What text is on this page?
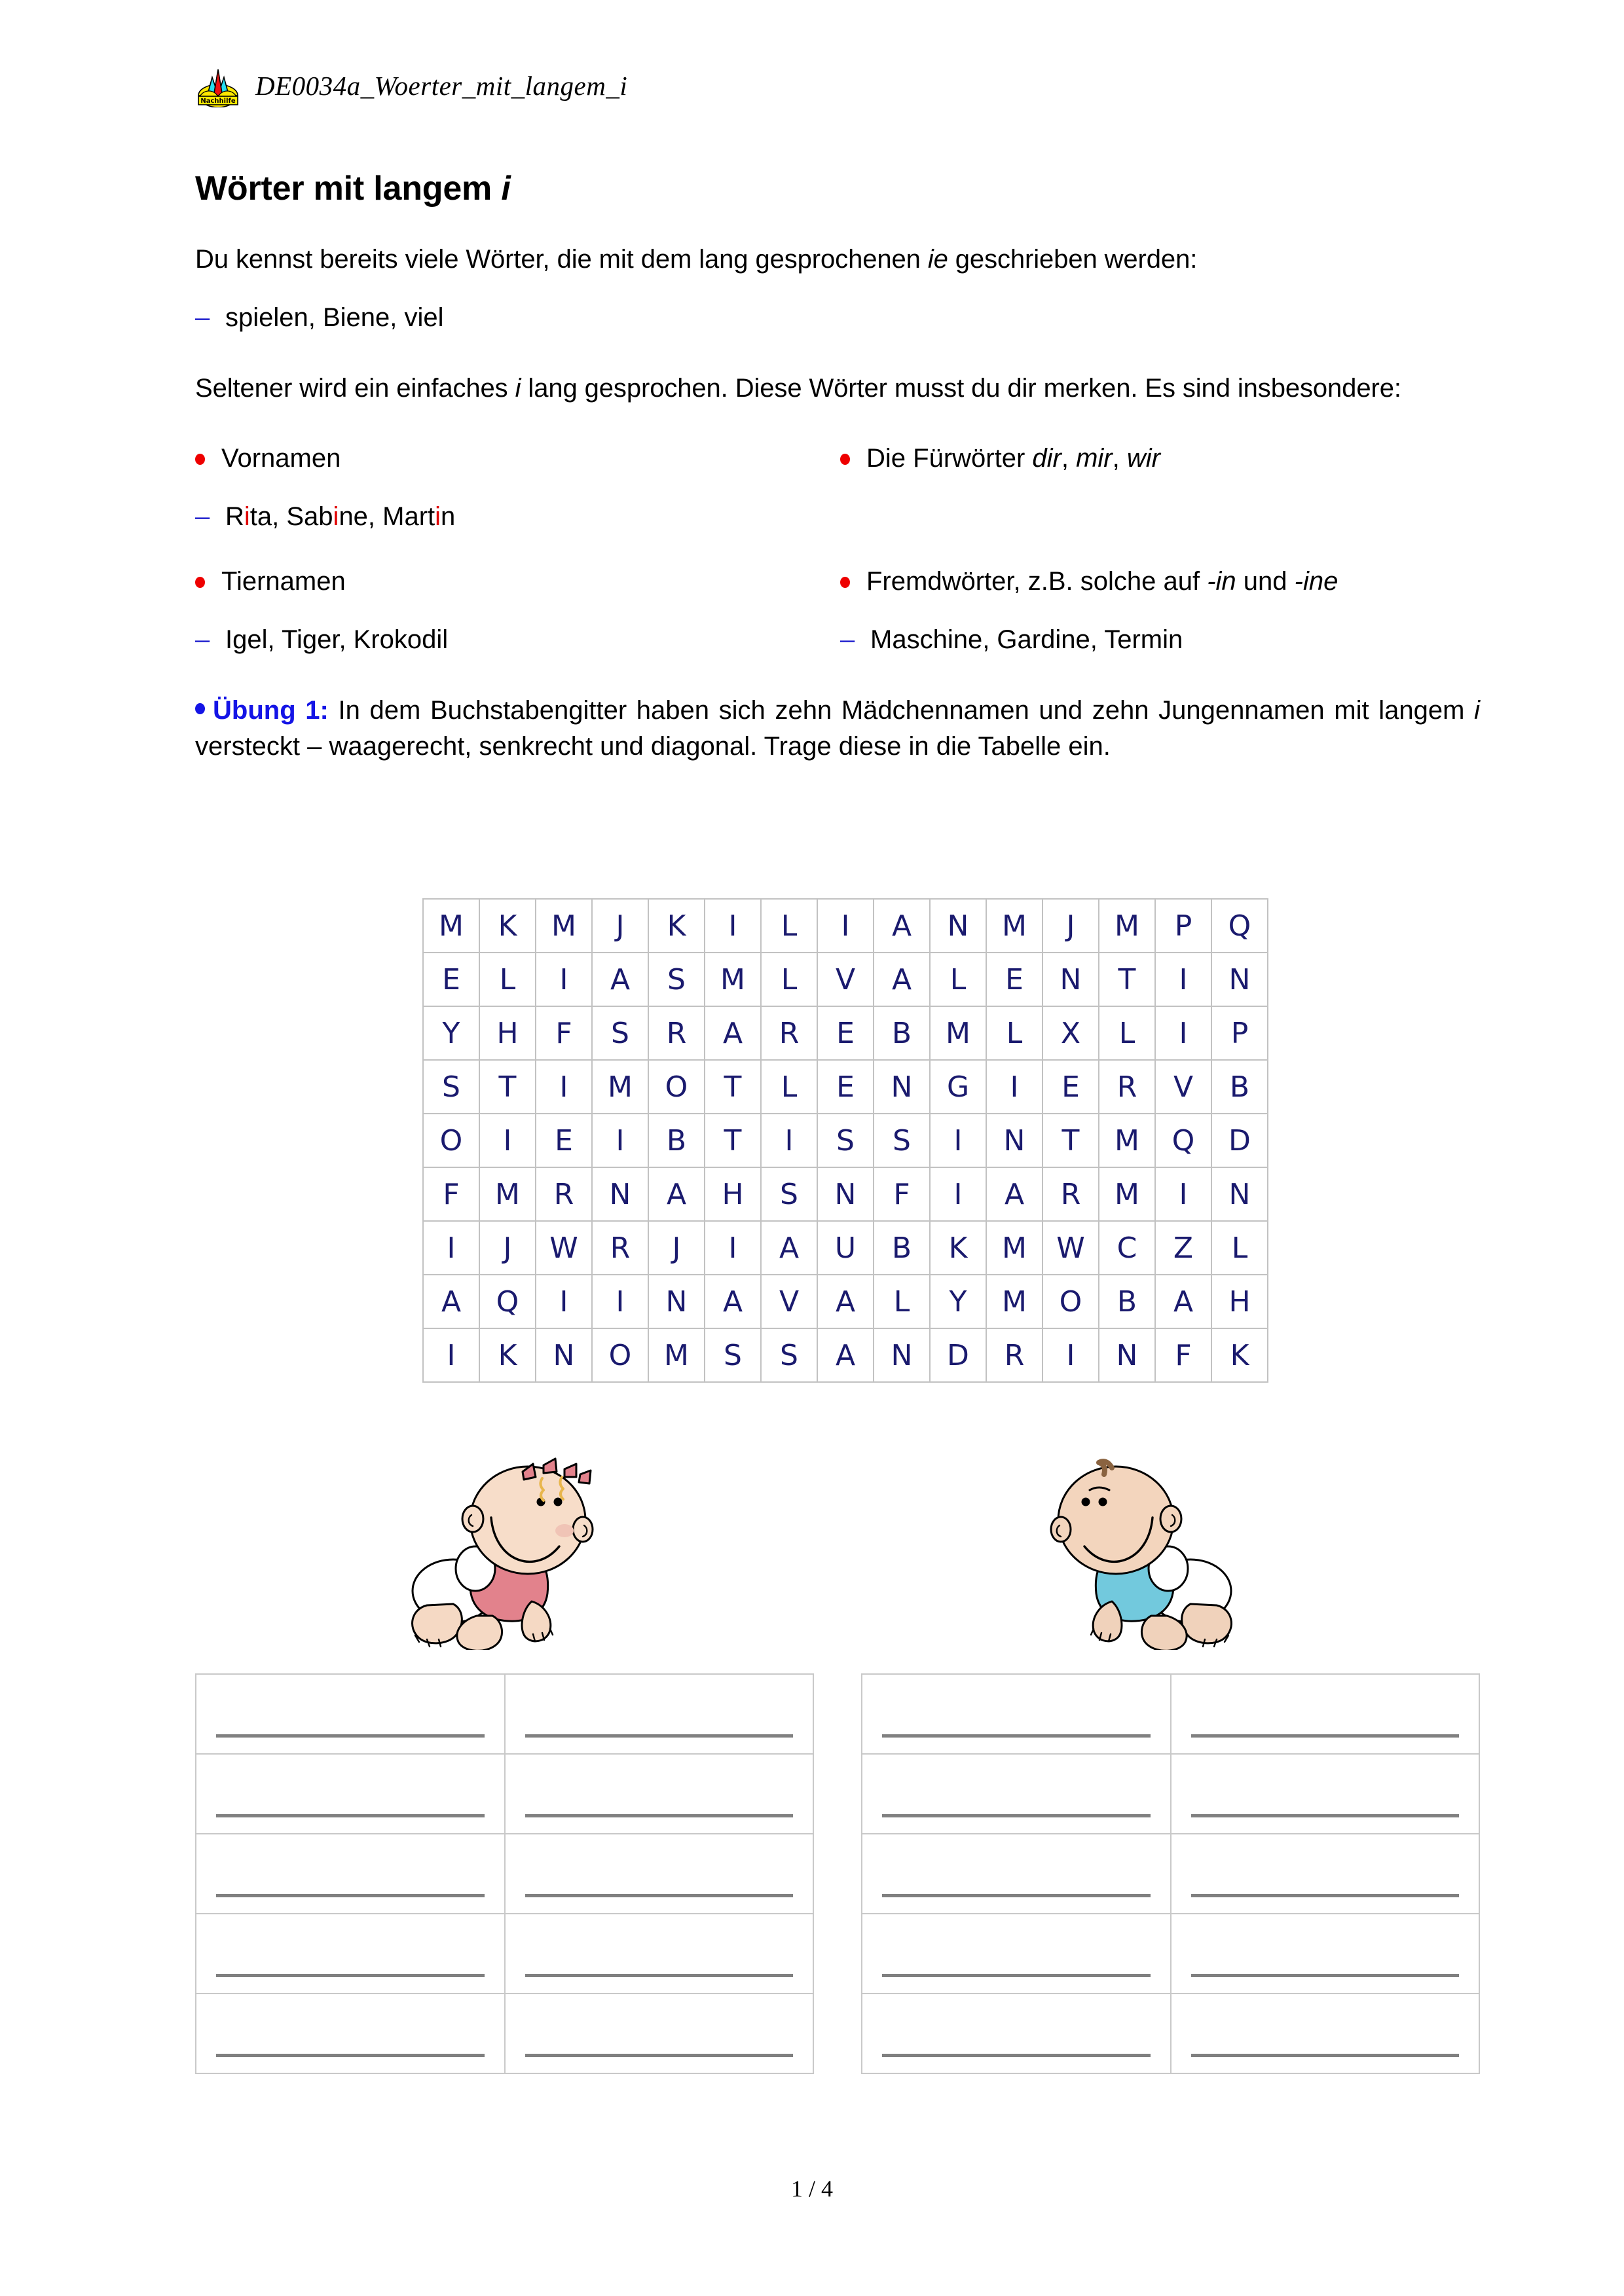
Nachhilfe
DE0034a_Woerter_mit_langem_i
Wörter mit langem i

Du kennst bereits viele Wörter, die mit dem lang gesprochenen ie geschrieben werden:

– spielen, Biene, viel

Seltener wird ein einfaches i lang gesprochen. Diese Wörter musst du dir merken. Es sind insbesondere:

Vornamen
– Rita, Sabine, Martin
Die Fürwörter dir, mir, wir
Tiernamen
– Igel, Tiger, Krokodil
Fremdwörter, z.B. solche auf -in und -ine
– Maschine, Gardine, Termin
Übung 1: In dem Buchstabengitter haben sich zehn Mädchennamen und zehn Jungennamen mit langem i versteckt – waagerecht, senkrecht und diagonal. Trage diese in die Tabelle ein.
M	K	M	J	K	I	L	I	A	N	M	J	M	P	Q
E	L	I	A	S	M	L	V	A	L	E	N	T	I	N
Y	H	F	S	R	A	R	E	B	M	L	X	L	I	P
S	T	I	M	O	T	L	E	N	G	I	E	R	V	B
O	I	E	I	B	T	I	S	S	I	N	T	M	Q	D
F	M	R	N	A	H	S	N	F	I	A	R	M	I	N
I	J	W	R	J	I	A	U	B	K	M	W	C	Z	L
A	Q	I	I	N	A	V	A	L	Y	M	O	B	A	H
I	K	N	O	M	S	S	A	N	D	R	I	N	F	K

1 / 4
